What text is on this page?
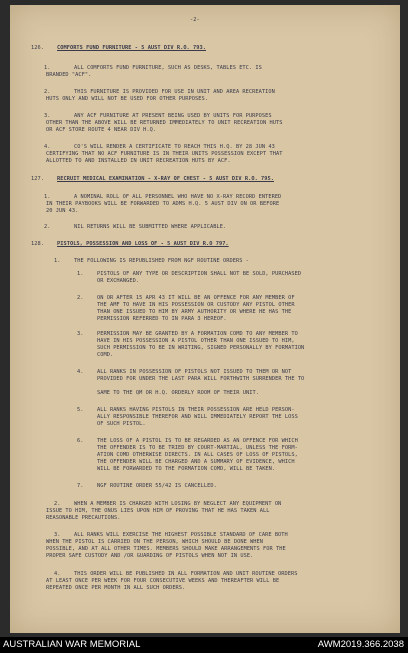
-2-
126. COMFORTS FUND FURNITURE - 5 AUST DIV R.O. 793.
1.	ALL COMFORTS FUND FURNITURE, SUCH AS DESKS, TABLES ETC. IS
BRANDED "ACF".
2.	THIS FURNITURE IS PROVIDED FOR USE IN UNIT AND AREA RECREATION
HUTS ONLY AND WILL NOT BE USED FOR OTHER PURPOSES.
3.	ANY ACF FURNITURE AT PRESENT BEING USED BY UNITS FOR PURPOSES
OTHER THAN THE ABOVE WILL BE RETURNED IMMEDIATELY TO UNIT RECREATION HUTS
OR ACF STORE ROUTE 4 NEAR DIV H.Q.
4.	CO'S WILL RENDER A CERTIFICATE TO REACH THIS H.Q. BY 28 JUN 43
CERTIFYING THAT NO ACF FURNITURE IS IN THEIR UNITS POSSESSION EXCEPT THAT
ALLOTTED TO AND INSTALLED IN UNIT RECREATION HUTS BY ACF.
127. RECRUIT MEDICAL EXAMINATION - X-RAY OF CHEST - 5 AUST DIV R.O. 795.
1.	A NOMINAL ROLL OF ALL PERSONNEL WHO HAVE NO X-RAY RECORD ENTERED
IN THEIR PAYBOOKS WILL BE FORWARDED TO ADMS H.Q. 5 AUST DIV ON OR BEFORE
20 JUN 43.
2.	NIL RETURNS WILL BE SUBMITTED WHERE APPLICABLE.
128. PISTOLS, POSSESSION AND LOSS OF - 5 AUST DIV R.O 797.
1.	THE FOLLOWING IS REPUBLISHED FROM NGF ROUTINE ORDERS -
1.	PISTOLS OF ANY TYPE OR DESCRIPTION SHALL NOT BE SOLD, PURCHASED
OR EXCHANGED.
2.	ON OR AFTER 15 APR 43 IT WILL BE AN OFFENCE FOR ANY MEMBER OF
THE AMF TO HAVE IN HIS POSSESSION OR CUSTODY ANY PISTOL OTHER
THAN ONE ISSUED TO HIM BY ARMY AUTHORITY OR WHERE HE HAS THE
PERMISSION REFERRED TO IN PARA 3 HEREOF.
3.	PERMISSION MAY BE GRANTED BY A FORMATION COMD TO ANY MEMBER TO
HAVE IN HIS POSSESSION A PISTOL OTHER THAN ONE ISSUED TO HIM,
SUCH PERMISSION TO BE IN WRITING, SIGNED PERSONALLY BY FORMATION
COMD.
4.	ALL RANKS IN POSSESSION OF PISTOLS NOT ISSUED TO THEM OR NOT
PROVIDED FOR UNDER THE LAST PARA WILL FORTHWITH SURRENDER THE TO
SAME TO THE QM OR H.Q. ORDERLY ROOM OF THEIR UNIT.
5.	ALL RANKS HAVING PISTOLS IN THEIR POSSESSION ARE HELD PERSON-
ALLY RESPONSIBLE THEREFOR AND WILL IMMEDIATELY REPORT THE LOSS
OF SUCH PISTOL.
6.	THE LOSS OF A PISTOL IS TO BE REGARDED AS AN OFFENCE FOR WHICH
THE OFFENDER IS TO BE TRIED BY COURT-MARTIAL, UNLESS THE FORM-
ATION COMD OTHERWISE DIRECTS. IN ALL CASES OF LOSS OF PISTOLS,
THE OFFENDER WILL BE CHARGED AND A SUMMARY OF EVIDENCE, WHICH
WILL BE FORWARDED TO THE FORMATION COMD, WILL BE TAKEN.
7.	NGF ROUTINE ORDER 55/42 IS CANCELLED.
2.	WHEN A MEMBER IS CHARGED WITH LOSING BY NEGLECT ANY EQUIPMENT ON
ISSUE TO HIM, THE ONUS LIES UPON HIM OF PROVING THAT HE HAS TAKEN ALL
REASONABLE PRECAUTIONS.
3.	ALL RANKS WILL EXERCISE THE HIGHEST POSSIBLE STANDARD OF CARE BOTH
WHEN THE PISTOL IS CARRIED ON THE PERSON, WHICH SHOULD BE DONE WHEN
POSSIBLE, AND AT ALL OTHER TIMES. MEMBERS SHOULD MAKE ARRANGEMENTS FOR THE
PROPER SAFE CUSTODY AND /OR GUARDING OF PISTOLS WHEN NOT IN USE.
4.	THIS ORDER WILL BE PUBLISHED IN ALL FORMATION AND UNIT ROUTINE ORDERS
AT LEAST ONCE PER WEEK FOR FOUR CONSECUTIVE WEEKS AND THEREAFTER WILL BE
REPEATED ONCE PER MONTH IN ALL SUCH ORDERS.
AUSTRALIAN WAR MEMORIAL	AWM2019.366.2038
